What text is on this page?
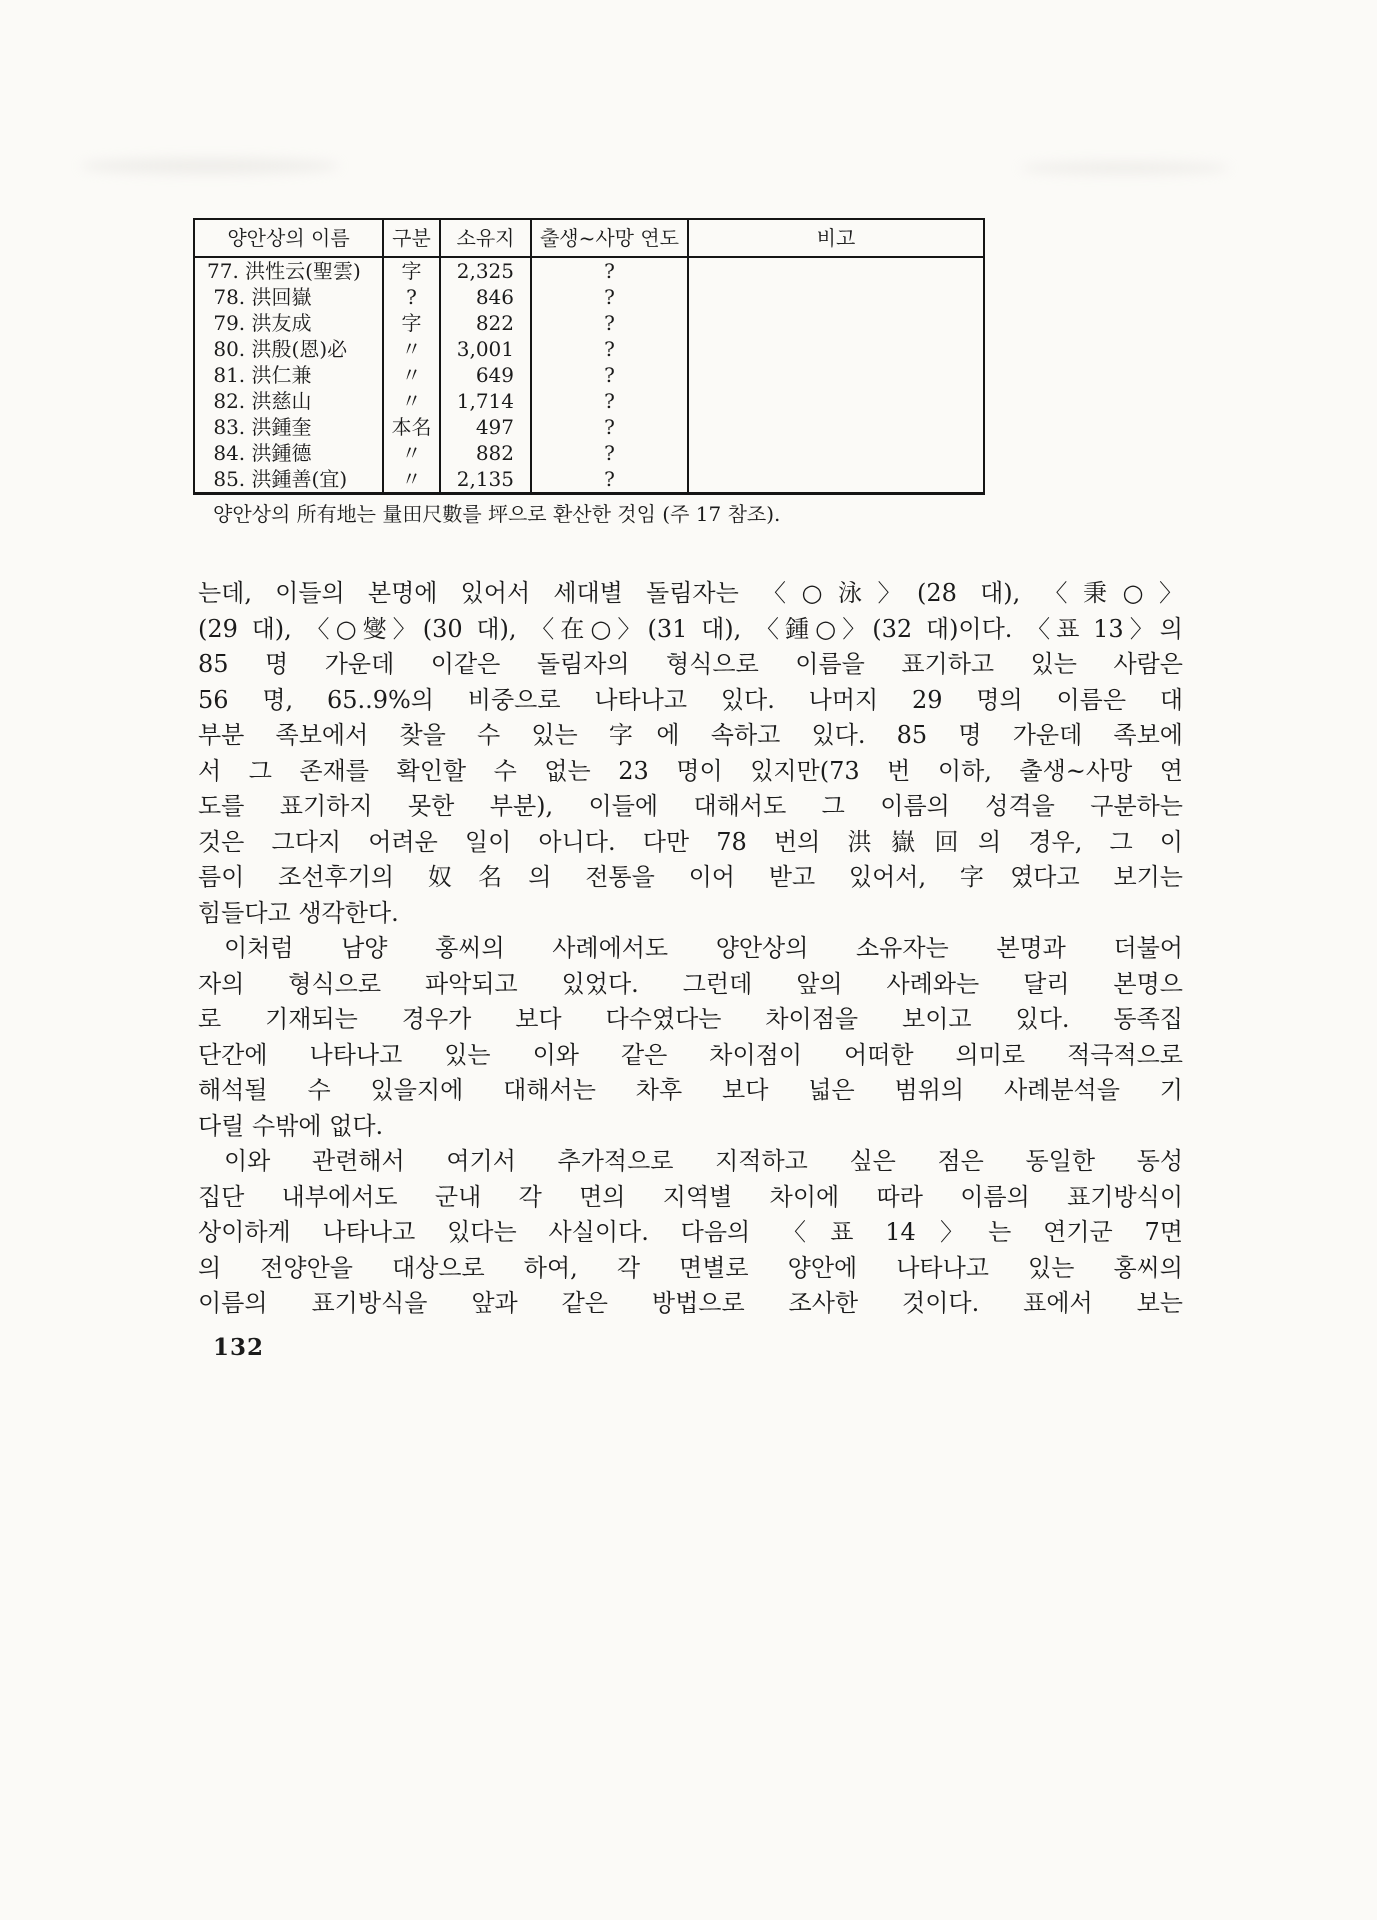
양안상의 이름	구분	소유지	출생~사망 연도	비고
77. 洪性云(聖雲)	字	2,325	?
78. 洪回嶽	?	846	?
79. 洪友成	字	822	?
80. 洪殷(恩)必	〃	3,001	?
81. 洪仁兼	〃	649	?
82. 洪慈山	〃	1,714	?
83. 洪鍾奎	本名	497	?
84. 洪鍾德	〃	882	?
85. 洪鍾善(宜)	〃	2,135	?
양안상의 所有地는 量田尺數를 坪으로 환산한 것임 (주 17 참조).
는데, 이들의 본명에 있어서 세대별 돌림자는 〈○泳〉(28 대), 〈秉○〉
(29 대), 〈○燮〉(30 대), 〈在○〉(31 대), 〈鍾○〉(32 대)이다. 〈표 13〉의
85 명 가운데 이같은 돌림자의 형식으로 이름을 표기하고 있는 사람은
56 명, 65..9%의 비중으로 나타나고 있다. 나머지 29 명의 이름은 대
부분 족보에서 찾을 수 있는 字에 속하고 있다. 85 명 가운데 족보에
서 그 존재를 확인할 수 없는 23 명이 있지만(73 번 이하, 출생~사망 연
도를 표기하지 못한 부분), 이들에 대해서도 그 이름의 성격을 구분하는
것은 그다지 어려운 일이 아니다. 다만 78 번의 洪嶽回의 경우, 그 이
름이 조선후기의 奴名의 전통을 이어 받고 있어서, 字였다고 보기는
힘들다고 생각한다.
이처럼 남양 홍씨의 사례에서도 양안상의 소유자는 본명과 더불어
자의 형식으로 파악되고 있었다. 그런데 앞의 사례와는 달리 본명으
로 기재되는 경우가 보다 다수였다는 차이점을 보이고 있다. 동족집
단간에 나타나고 있는 이와 같은 차이점이 어떠한 의미로 적극적으로
해석될 수 있을지에 대해서는 차후 보다 넓은 범위의 사례분석을 기
다릴 수밖에 없다.
이와 관련해서 여기서 추가적으로 지적하고 싶은 점은 동일한 동성
집단 내부에서도 군내 각 면의 지역별 차이에 따라 이름의 표기방식이
상이하게 나타나고 있다는 사실이다. 다음의 〈표 14〉는 연기군 7면
의 전양안을 대상으로 하여, 각 면별로 양안에 나타나고 있는 홍씨의
이름의 표기방식을 앞과 같은 방법으로 조사한 것이다. 표에서 보는
132
